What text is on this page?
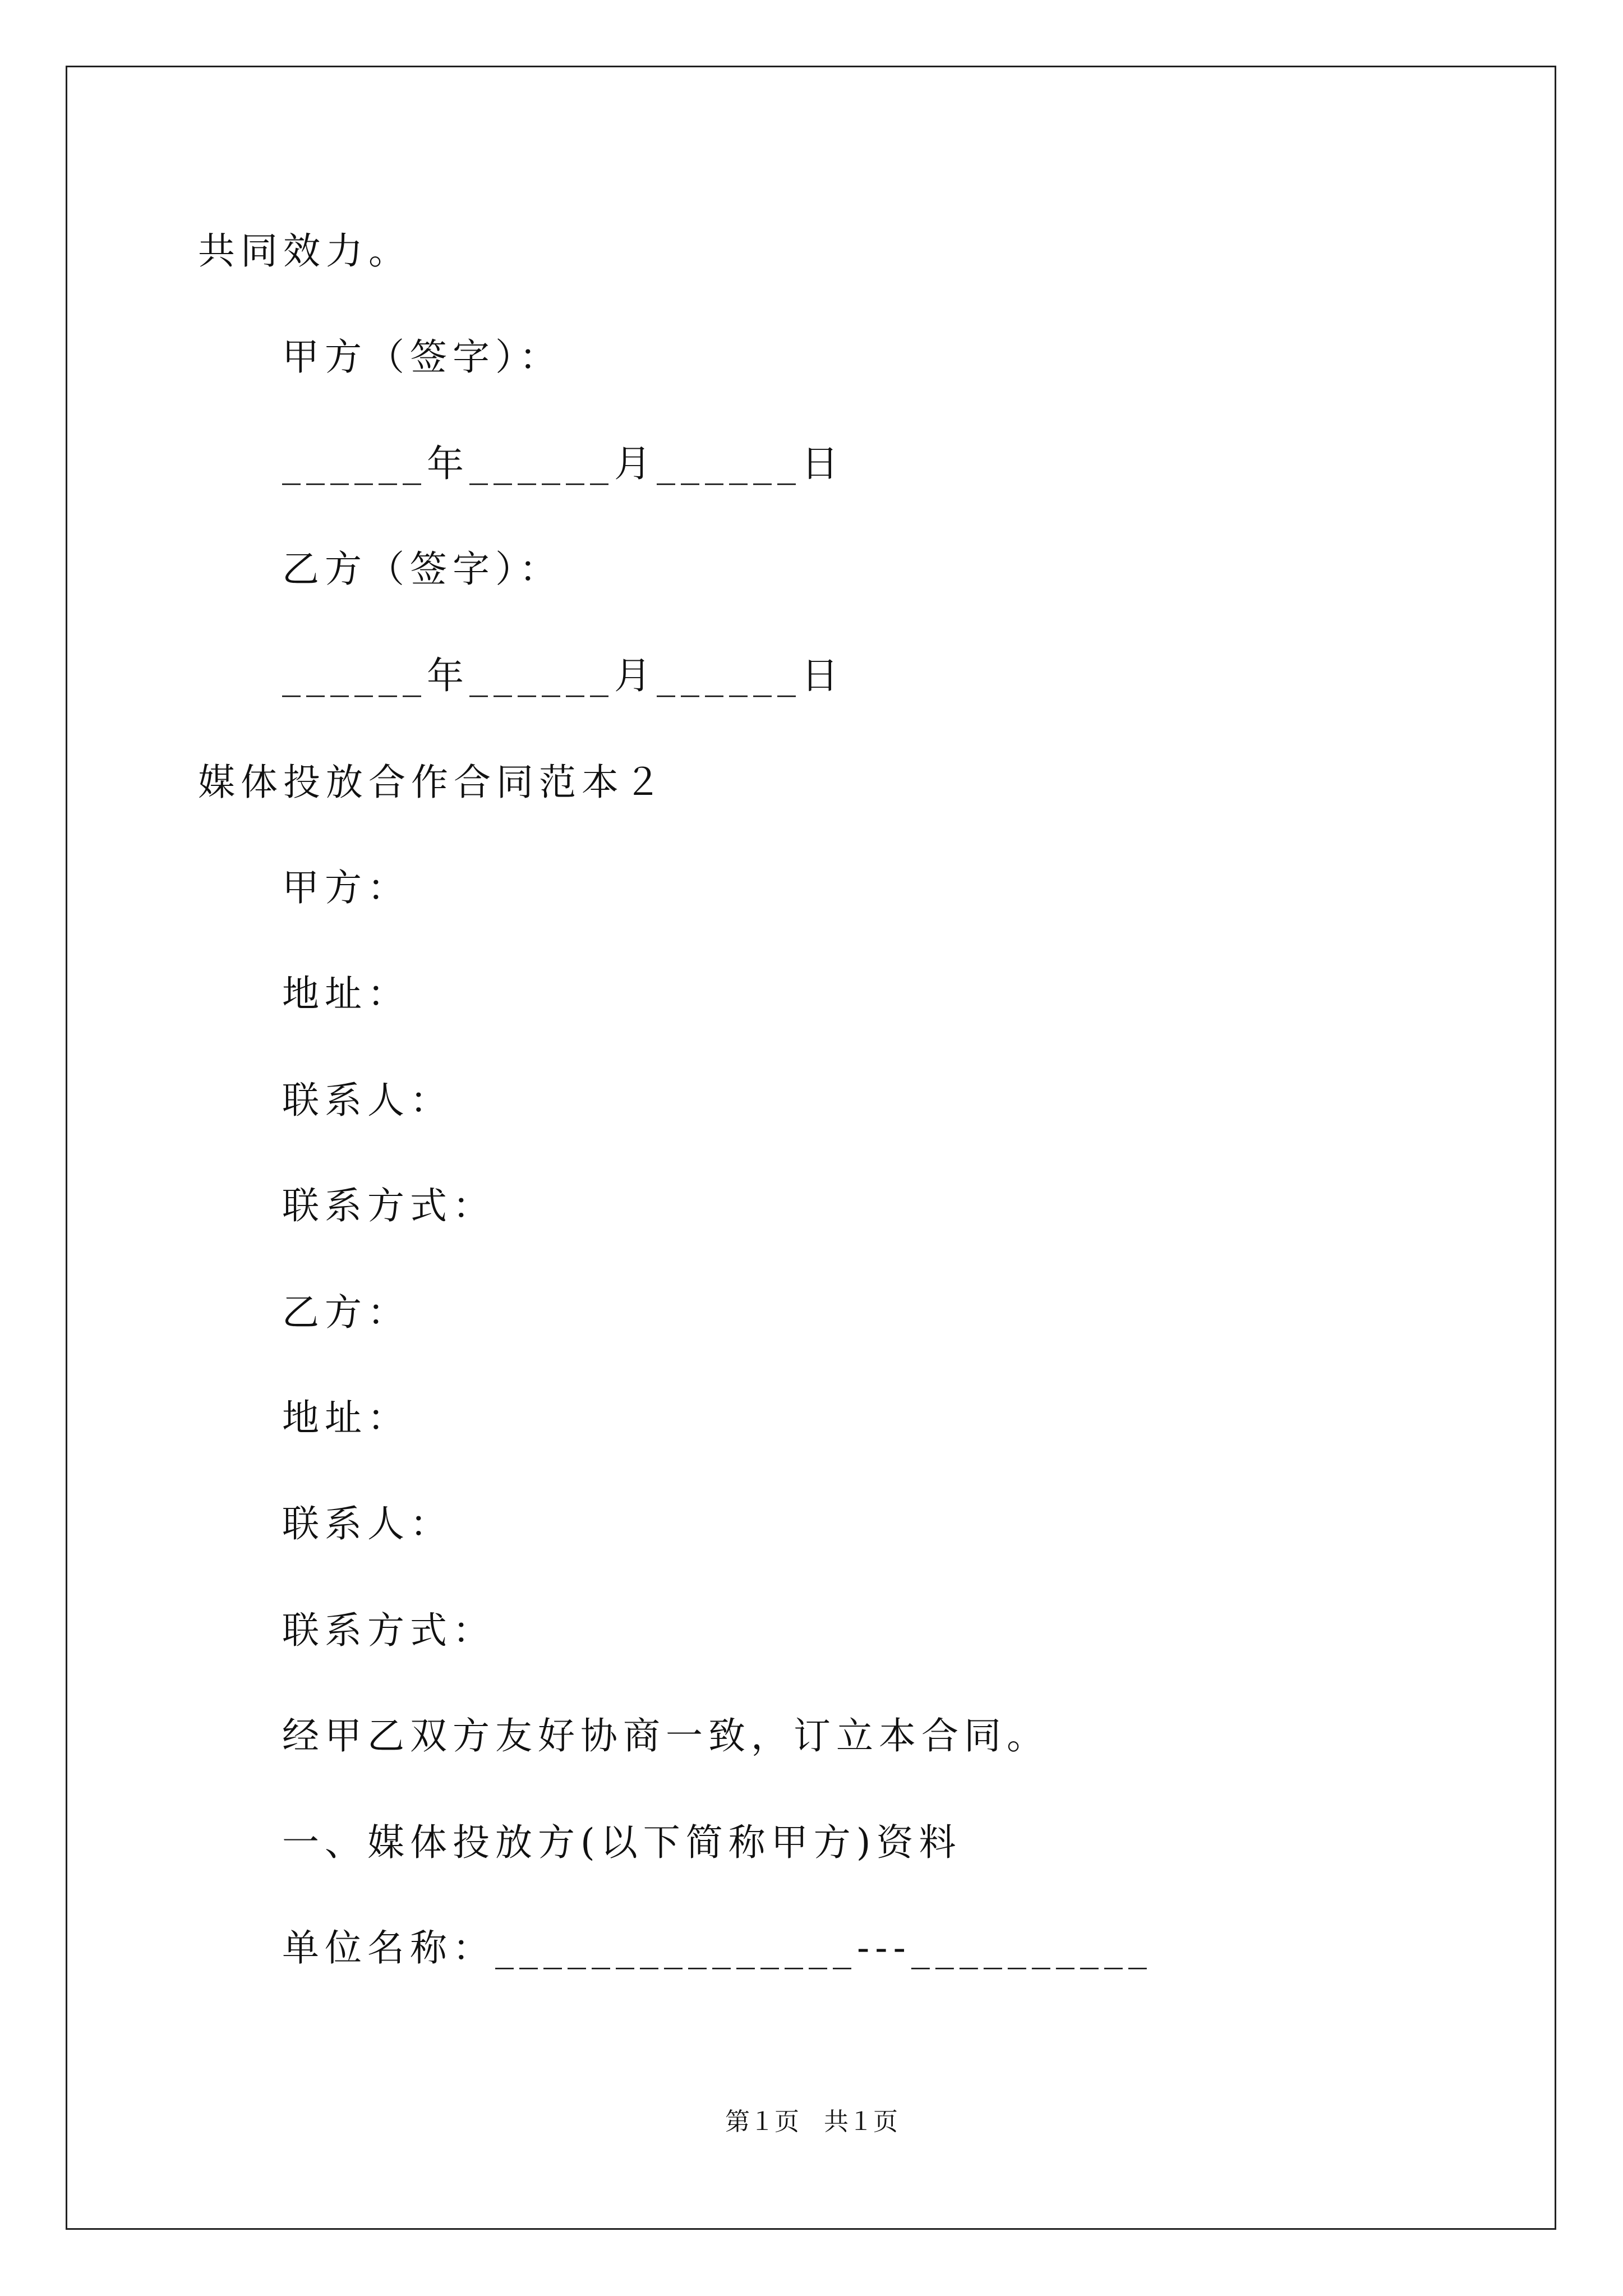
共同效力。
甲方（签字）：
______年______月______日
乙方（签字）：
______年______月______日
媒体投放合作合同范本２
甲方：
地址：
联系人：
联系方式：
乙方：
地址：
联系人：
联系方式：
经甲乙双方友好协商一致，订立本合同。
一、媒体投放方(以下简称甲方)资料
单位名称：_______________---__________
第１页　共１页
